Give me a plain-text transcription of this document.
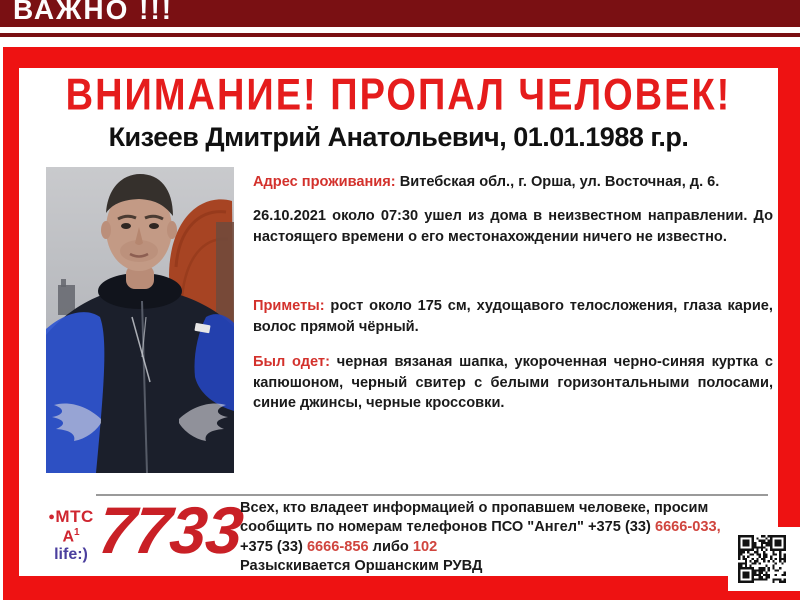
ВАЖНО !!!
ВНИМАНИЕ! ПРОПАЛ ЧЕЛОВЕК!
Кизеев Дмитрий Анатольевич, 01.01.1988 г.р.

Адрес проживания: Витебская обл., г. Орша, ул. Восточная, д. 6.

26.10.2021 около 07:30 ушел из дома в неизвестном направлении. До настоящего времени о его местонахождении ничего не известно.

Приметы: рост около 175 см, худощавого телосложения, глаза карие, волос прямой чёрный.

Был одет: черная вязаная шапка, укороченная черно-синяя куртка с капюшоном, черный свитер с белыми горизонтальными полосами, синие джинсы, черные кроссовки.

●МТС
$А^1$
life:) 7733
Всех, кто владеет информацией о пропавшем человеке, просим
сообщить по номерам телефонов ПСО "Ангел" +375 (33) 6666-033,
+375 (33) 6666-856 либо 102
Разыскивается Оршанским РУВД
